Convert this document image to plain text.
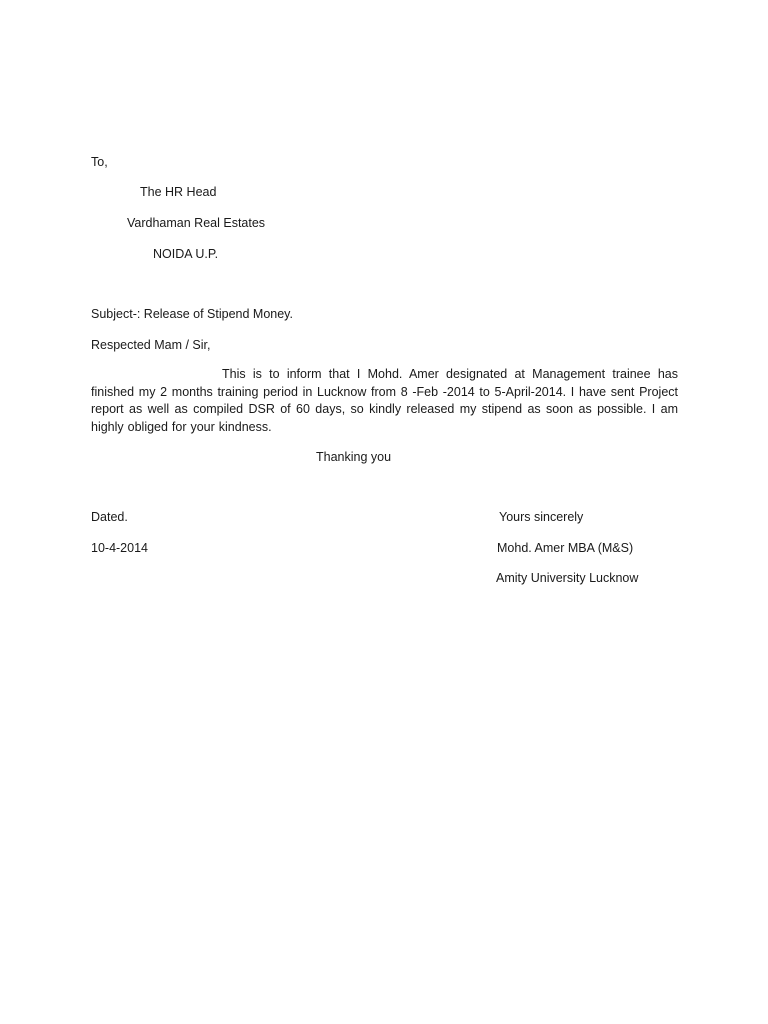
To,
The HR Head
Vardhaman Real Estates
NOIDA U.P.
Subject-: Release of Stipend Money.
Respected Mam / Sir,
This is to inform that I Mohd. Amer designated at Management trainee has finished my 2 months training period in Lucknow from 8 -Feb -2014 to 5-April-2014. I have sent Project report as well as compiled DSR of 60 days, so kindly released my stipend as soon as possible. I am highly obliged for your kindness.
Thanking you
Dated.
10-4-2014
Yours sincerely
Mohd. Amer MBA (M&S)
Amity University Lucknow
